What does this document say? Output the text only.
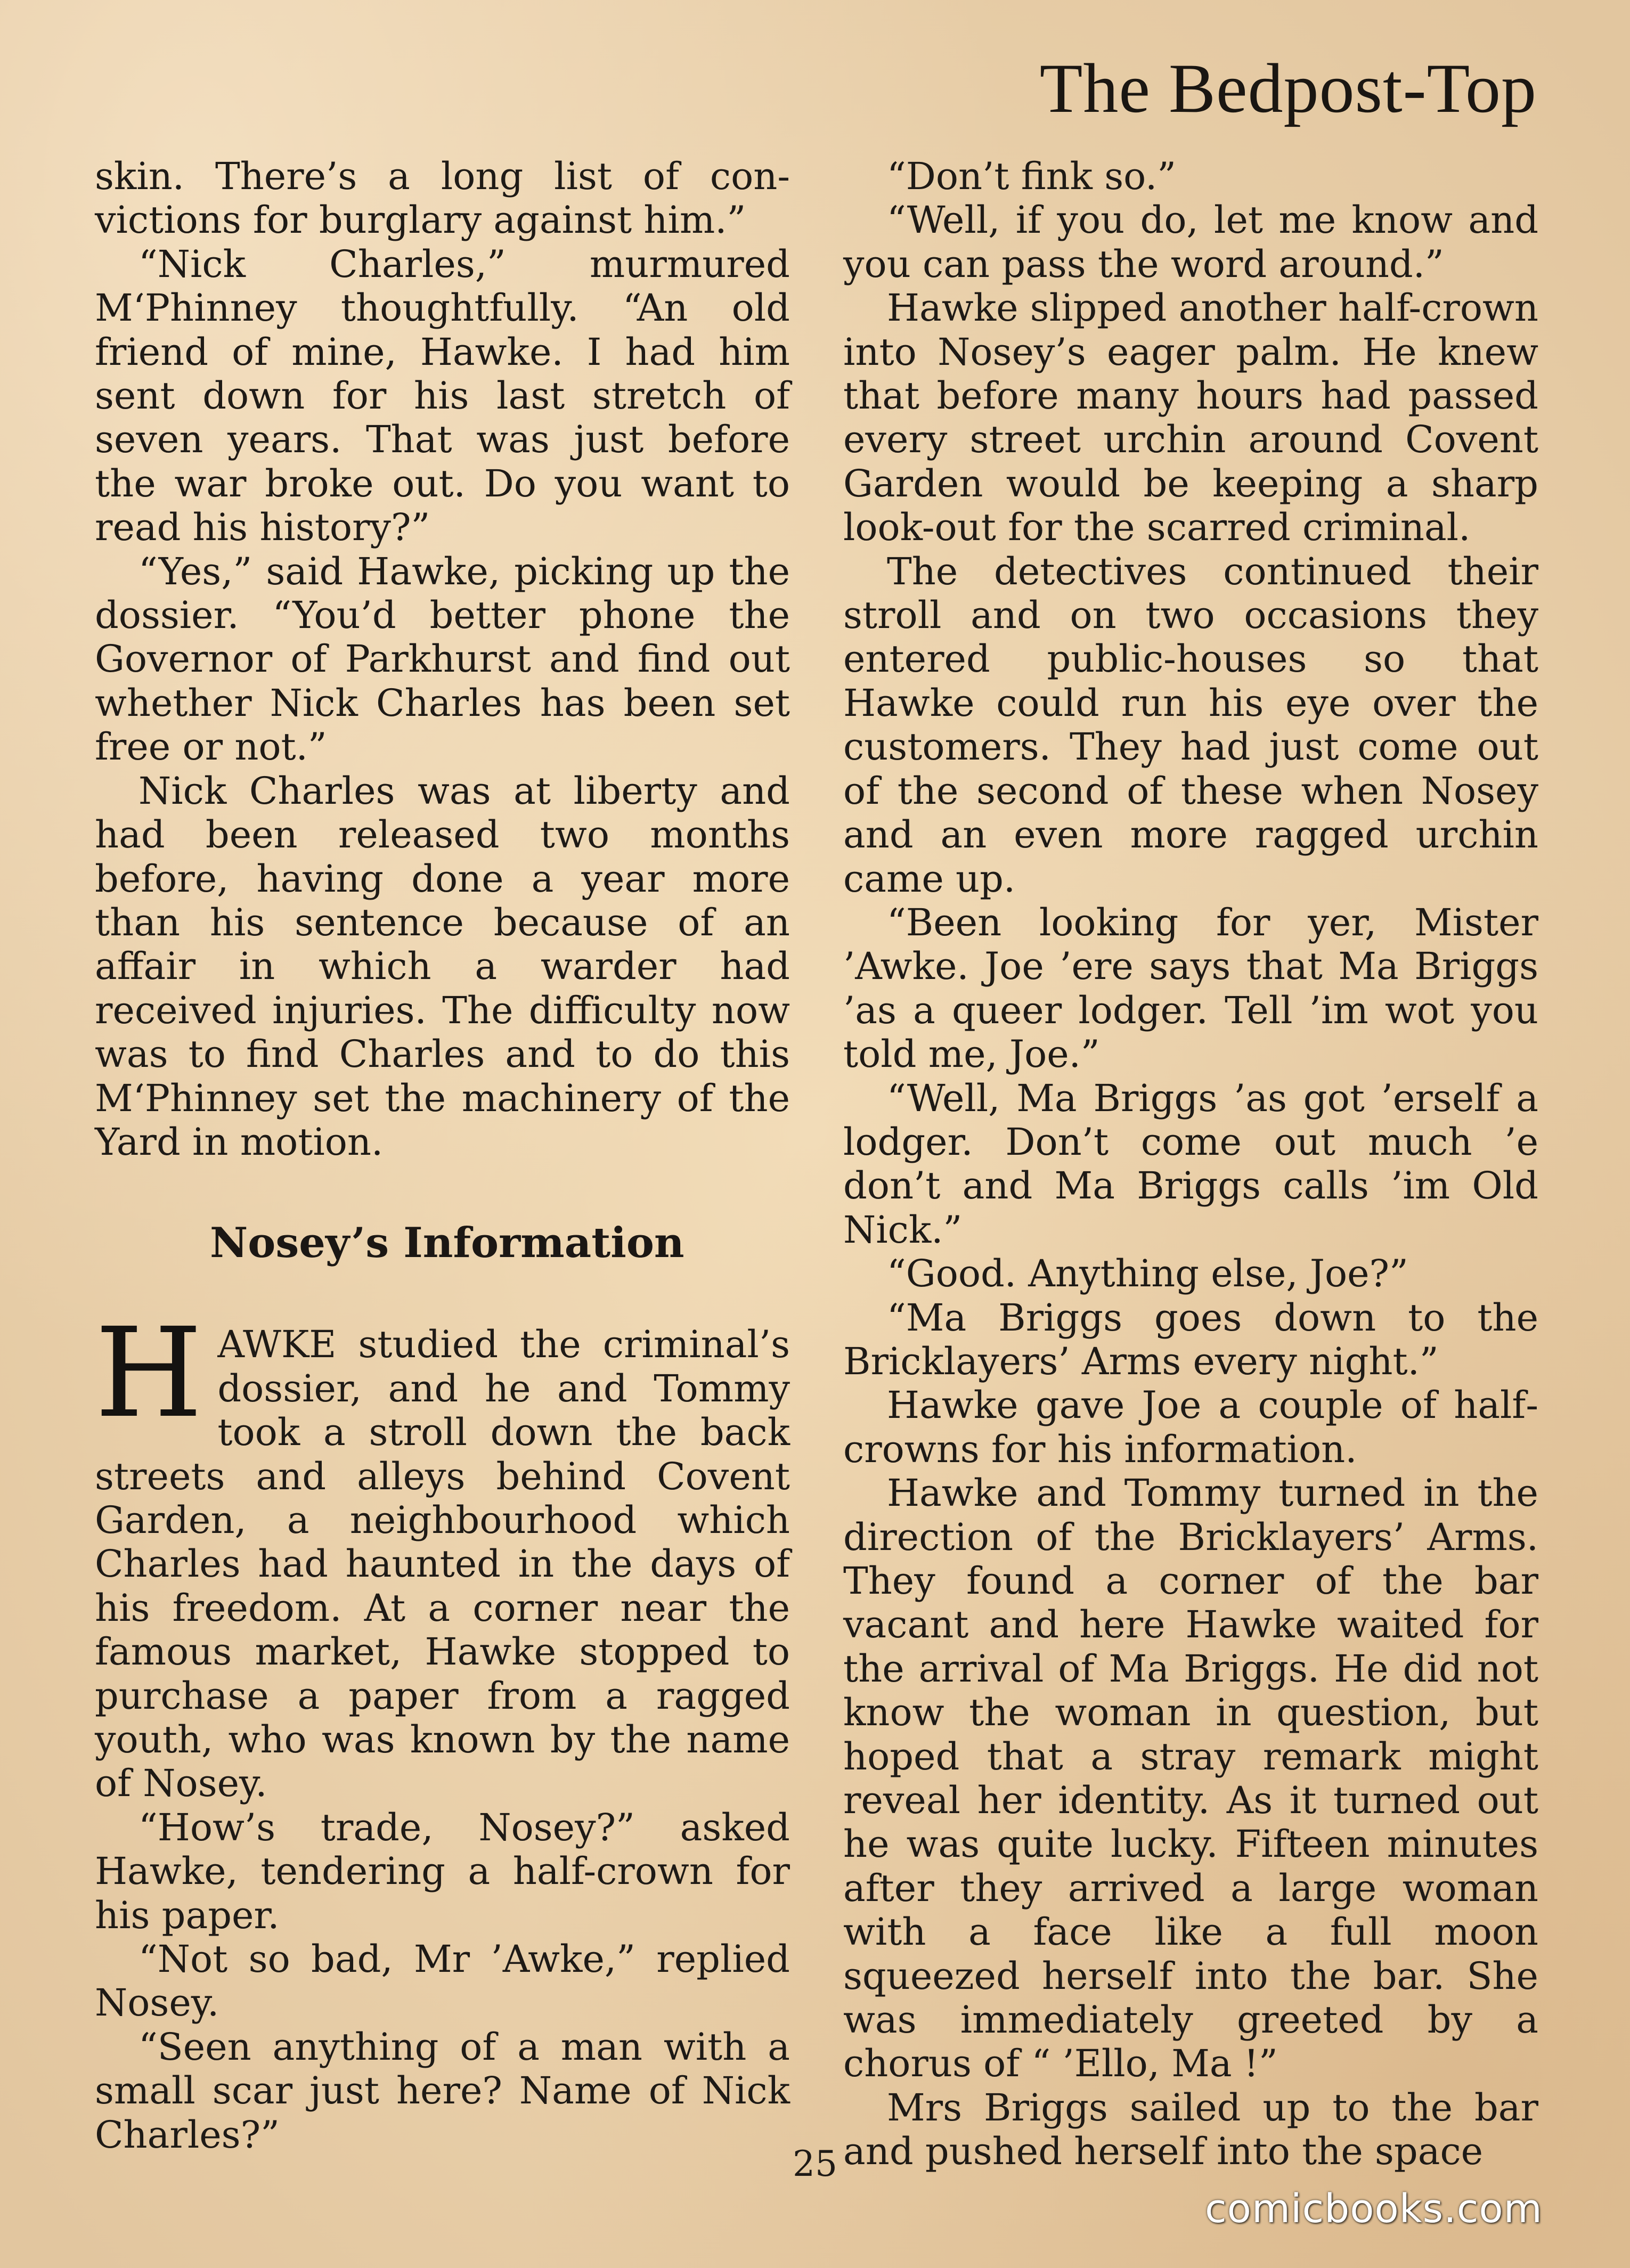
The Bedpost-Top

skin. There’s a long list of convictions for burglary against him.”

“Nick Charles,” murmured M‘Phinney thoughtfully. “An old friend of mine, Hawke. I had him sent down for his last stretch of seven years. That was just before the war broke out. Do you want to read his history?”

“Yes,” said Hawke, picking up the dossier. “You’d better phone the Governor of Parkhurst and find out whether Nick Charles has been set free or not.”

Nick Charles was at liberty and had been released two months before, having done a year more than his sentence because of an affair in which a warder had received injuries. The difficulty now was to find Charles and to do this M‘Phinney set the machinery of the Yard in motion.

Nosey’s Information

HAWKE studied the criminal’s dossier, and he and Tommy took a stroll down the back streets and alleys behind Covent Garden, a neighbourhood which Charles had haunted in the days of his freedom. At a corner near the famous market, Hawke stopped to purchase a paper from a ragged youth, who was known by the name of Nosey.

“How’s trade, Nosey?” asked Hawke, tendering a half-crown for his paper.

“Not so bad, Mr ’Awke,” replied Nosey.

“Seen anything of a man with a small scar just here? Name of Nick Charles?”

“Don’t fink so.”

“Well, if you do, let me know and you can pass the word around.”

Hawke slipped another half-crown into Nosey’s eager palm. He knew that before many hours had passed every street urchin around Covent Garden would be keeping a sharp look-out for the scarred criminal.

The detectives continued their stroll and on two occasions they entered public-houses so that Hawke could run his eye over the customers. They had just come out of the second of these when Nosey and an even more ragged urchin came up.

“Been looking for yer, Mister ’Awke. Joe ’ere says that Ma Briggs ’as a queer lodger. Tell ’im wot you told me, Joe.”

“Well, Ma Briggs ’as got ’erself a lodger. Don’t come out much ’e don’t and Ma Briggs calls ’im Old Nick.”

“Good. Anything else, Joe?”

“Ma Briggs goes down to the Bricklayers’ Arms every night.”

Hawke gave Joe a couple of halfcrowns for his information.

Hawke and Tommy turned in the direction of the Bricklayers’ Arms. They found a corner of the bar vacant and here Hawke waited for the arrival of Ma Briggs. He did not know the woman in question, but hoped that a stray remark might reveal her identity. As it turned out he was quite lucky. Fifteen minutes after they arrived a large woman with a face like a full moon squeezed herself into the bar. She was immediately greeted by a chorus of “ ’Ello, Ma !”

Mrs Briggs sailed up to the bar and pushed herself into the space

25
comicbooks.com
